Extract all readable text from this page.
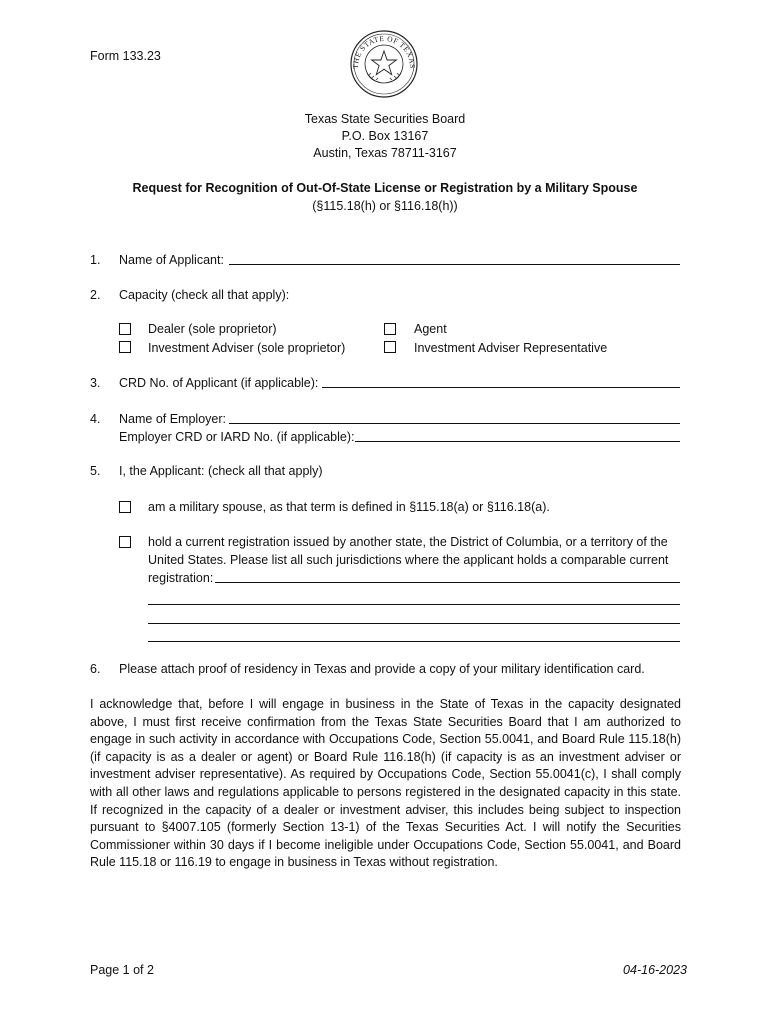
Form 133.23
THE STATE OF TEXAS
Texas State Securities Board
P.O. Box 13167
Austin, Texas 78711-3167
Request for Recognition of Out-Of-State License or Registration by a Military Spouse
(§115.18(h) or §116.18(h))
1. Name of Applicant:
2. Capacity (check all that apply):
Dealer (sole proprietor)
Investment Adviser (sole proprietor)
Agent
Investment Adviser Representative
3. CRD No. of Applicant (if applicable):
4. Name of Employer:
Employer CRD or IARD No. (if applicable):
5. I, the Applicant: (check all that apply)
am a military spouse, as that term is defined in §115.18(a) or §116.18(a).
hold a current registration issued by another state, the District of Columbia, or a territory of the
United States. Please list all such jurisdictions where the applicant holds a comparable current
registration:
6. Please attach proof of residency in Texas and provide a copy of your military identification card.
I acknowledge that, before I will engage in business in the State of Texas in the capacity designated above, I must first receive confirmation from the Texas State Securities Board that I am authorized to engage in such activity in accordance with Occupations Code, Section 55.0041, and Board Rule 115.18(h) (if capacity is as a dealer or agent) or Board Rule 116.18(h) (if capacity is as an investment adviser or investment adviser representative). As required by Occupations Code, Section 55.0041(c), I shall comply with all other laws and regulations applicable to persons registered in the designated capacity in this state. If recognized in the capacity of a dealer or investment adviser, this includes being subject to inspection pursuant to §4007.105 (formerly Section 13-1) of the Texas Securities Act. I will notify the Securities Commissioner within 30 days if I become ineligible under Occupations Code, Section 55.0041, and Board Rule 115.18 or 116.19 to engage in business in Texas without registration.
Page 1 of 2	04-16-2023
